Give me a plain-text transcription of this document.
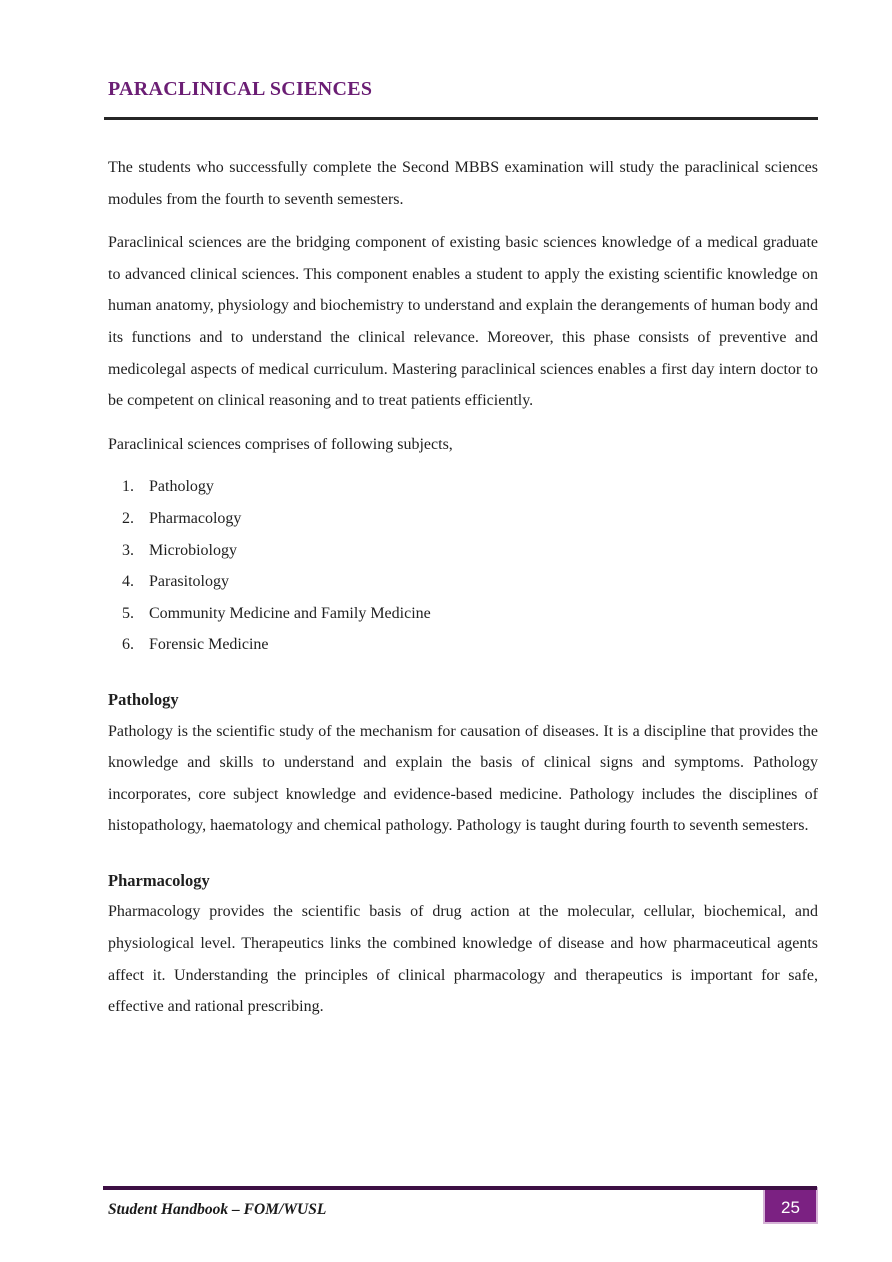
PARACLINICAL SCIENCES

The students who successfully complete the Second MBBS examination will study the paraclinical sciences modules from the fourth to seventh semesters.

Paraclinical sciences are the bridging component of existing basic sciences knowledge of a medical graduate to advanced clinical sciences. This component enables a student to apply the existing scientific knowledge on human anatomy, physiology and biochemistry to understand and explain the derangements of human body and its functions and to understand the clinical relevance. Moreover, this phase consists of preventive and medicolegal aspects of medical curriculum. Mastering paraclinical sciences enables a first day intern doctor to be competent on clinical reasoning and to treat patients efficiently.

Paraclinical sciences comprises of following subjects,

1. Pathology
2. Pharmacology
3. Microbiology
4. Parasitology
5. Community Medicine and Family Medicine
6. Forensic Medicine
Pathology

Pathology is the scientific study of the mechanism for causation of diseases. It is a discipline that provides the knowledge and skills to understand and explain the basis of clinical signs and symptoms. Pathology incorporates, core subject knowledge and evidence-based medicine. Pathology includes the disciplines of histopathology, haematology and chemical pathology. Pathology is taught during fourth to seventh semesters.

Pharmacology

Pharmacology provides the scientific basis of drug action at the molecular, cellular, biochemical, and physiological level. Therapeutics links the combined knowledge of disease and how pharmaceutical agents affect it. Understanding the principles of clinical pharmacology and therapeutics is important for safe, effective and rational prescribing.

Student Handbook – FOM/WUSL	25
